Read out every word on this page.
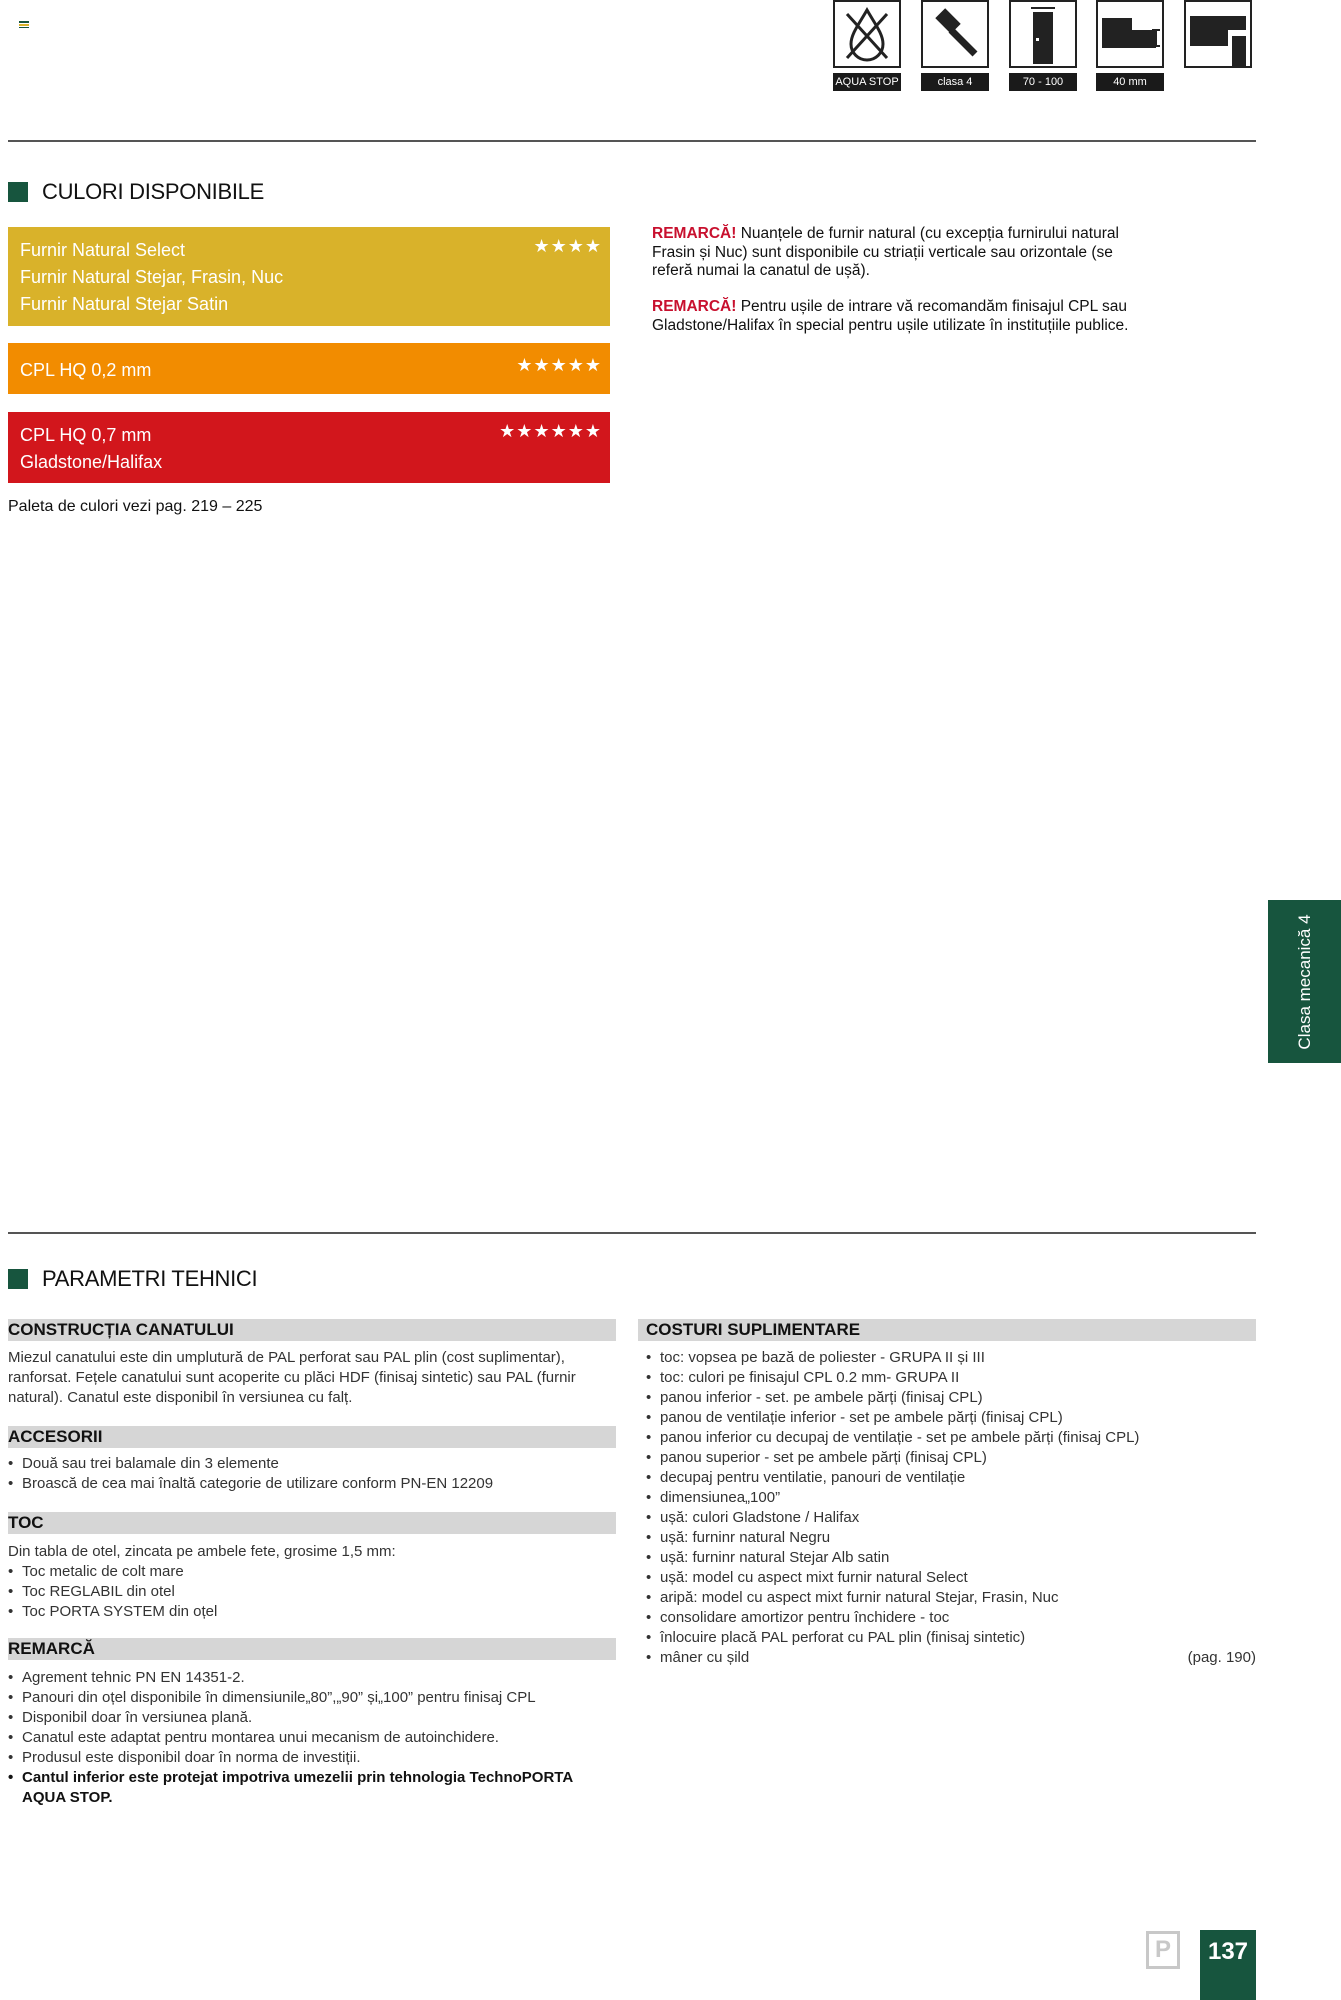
AQUA STOP	clasa 4	70 - 100	40 mm
CULORI DISPONIBILE
Furnir Natural Select
Furnir Natural Stejar, Frasin, Nuc
Furnir Natural Stejar Satin
★★★★
CPL HQ 0,2 mm	★★★★★
CPL HQ 0,7 mm
Gladstone/Halifax
★★★★★★
Paleta de culori vezi pag. 219 – 225
REMARCĂ! Nuanțele de furnir natural (cu excepția furnirului natural Frasin și Nuc) sunt disponibile cu striații verticale sau orizontale (se referă numai la canatul de ușă).
REMARCĂ! Pentru ușile de intrare vă recomandăm finisajul CPL sau Gladstone/Halifax în special pentru ușile utilizate în instituțiile publice.
Clasa mecanică 4
PARAMETRI TEHNICI
CONSTRUCȚIA CANATULUI
Miezul canatului este din umplutură de PAL perforat sau PAL plin (cost suplimentar), ranforsat. Fețele canatului sunt acoperite cu plăci HDF (finisaj sintetic) sau PAL (furnir natural). Canatul este disponibil în versiunea cu falț.
ACCESORII
• Două sau trei balamale din 3 elemente
• Broască de cea mai înaltă categorie de utilizare conform PN-EN 12209
TOC
Din tabla de otel, zincata pe ambele fete, grosime 1,5 mm:
• Toc metalic de colt mare
• Toc REGLABIL din otel
• Toc PORTA SYSTEM din oțel
REMARCĂ
• Agrement tehnic PN EN 14351-2.
• Panouri din oțel disponibile în dimensiunile„80”,„90” și„100” pentru finisaj CPL
• Disponibil doar în versiunea plană.
• Canatul este adaptat pentru montarea unui mecanism de autoinchidere.
• Produsul este disponibil doar în norma de investiții.
• Cantul inferior este protejat impotriva umezelii prin tehnologia TechnoPORTA AQUA STOP.
COSTURI SUPLIMENTARE
• toc: vopsea pe bază de poliester - GRUPA II și III
• toc: culori pe finisajul CPL 0.2 mm- GRUPA II
• panou inferior - set. pe ambele părți (finisaj CPL)
• panou de ventilație inferior - set pe ambele părți (finisaj CPL)
• panou inferior cu decupaj de ventilație - set pe ambele părți (finisaj CPL)
• panou superior - set pe ambele părți (finisaj CPL)
• decupaj pentru ventilatie, panouri de ventilație
• dimensiunea„100”
• ușă: culori Gladstone / Halifax
• ușă: furninr natural Negru
• ușă: furninr natural Stejar Alb satin
• ușă: model cu aspect mixt furnir natural Select
• aripă: model cu aspect mixt furnir natural Stejar, Frasin, Nuc
• consolidare amortizor pentru închidere - toc
• înlocuire placă PAL perforat cu PAL plin (finisaj sintetic)
• mâner cu șild	(pag. 190)
P	137
